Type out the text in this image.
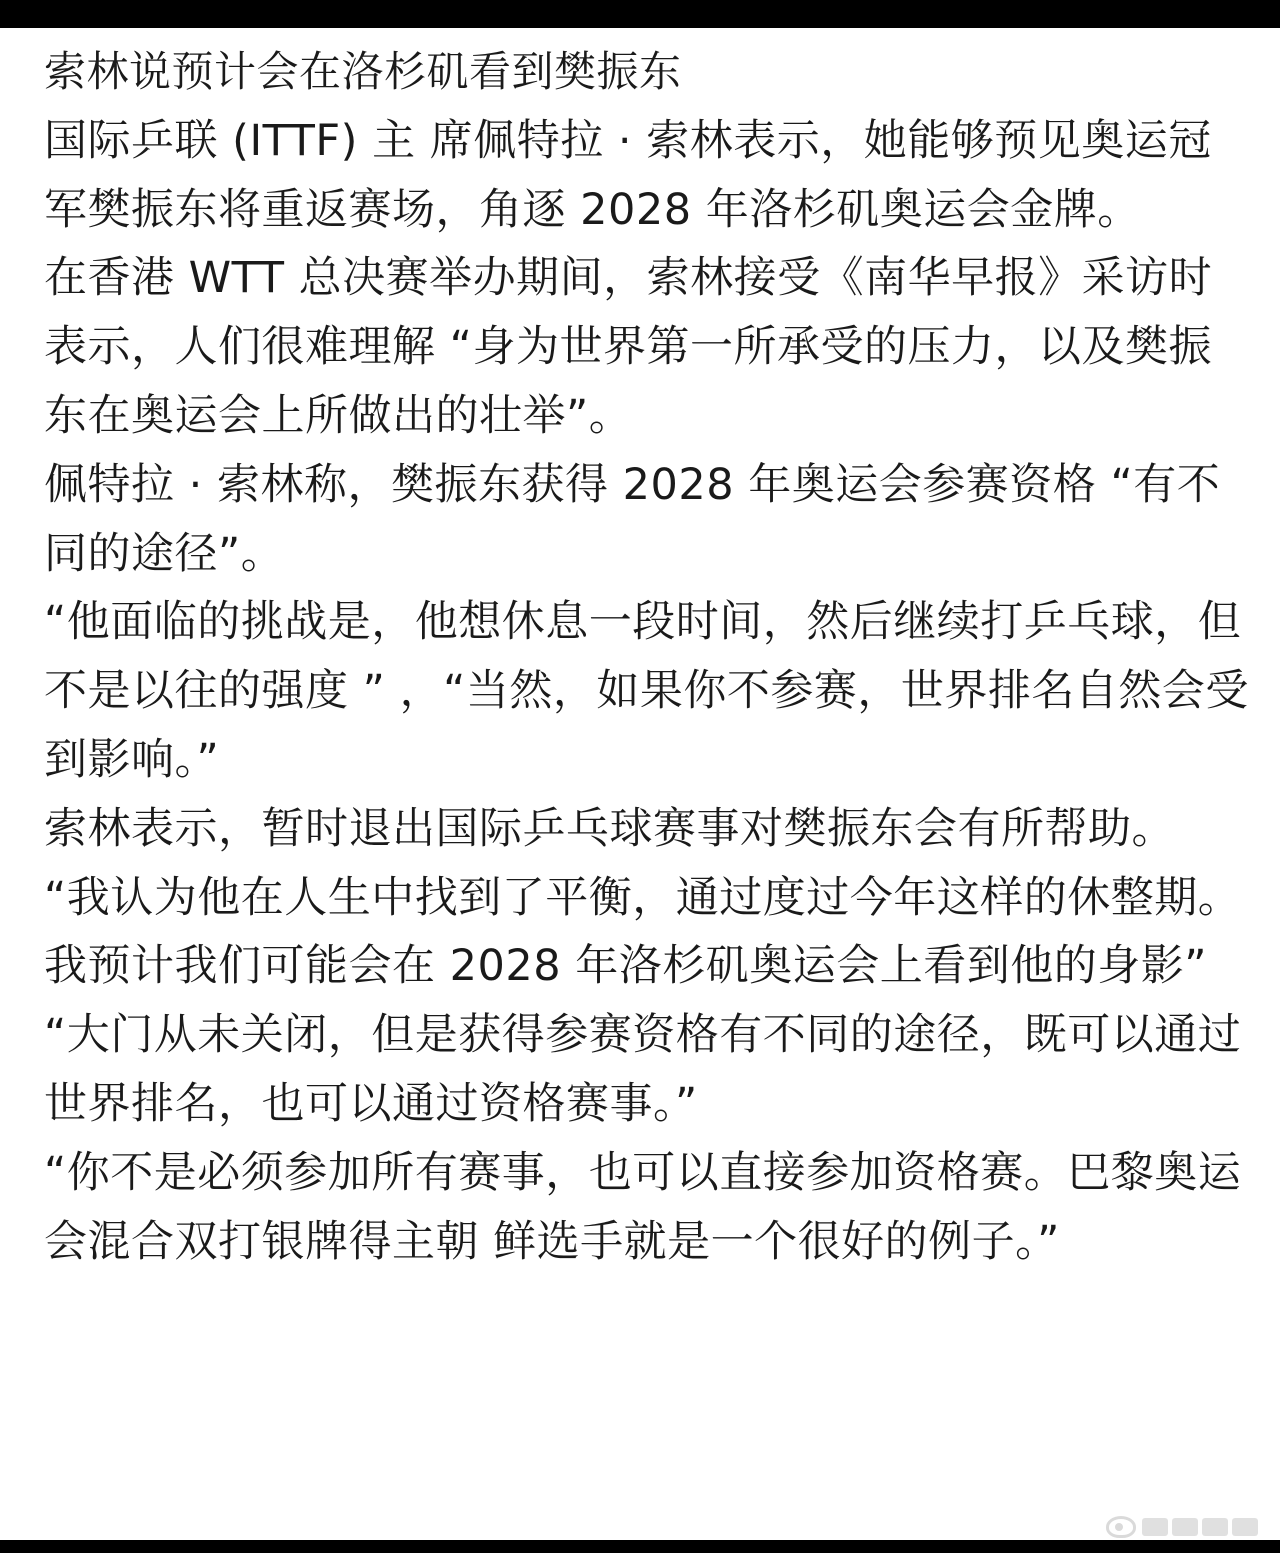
索林说预计会在洛杉矶看到樊振东

国际乒联 (ITTF) 主 席佩特拉 · 索林表示，她能够预见奥运冠军樊振东将重返赛场，角逐 2028 年洛杉矶奥运会金牌。

在香港 WTT 总决赛举办期间，索林接受《南华早报》采访时表示，人们很难理解 “身为世界第一所承受的压力，以及樊振东在奥运会上所做出的壮举”。

佩特拉 · 索林称，樊振东获得 2028 年奥运会参赛资格 “有不同的途径”。

“他面临的挑战是，他想休息一段时间，然后继续打乒乓球，但不是以往的强度 ” ，“当然，如果你不参赛，世界排名自然会受到影响。”

索林表示，暂时退出国际乒乓球赛事对樊振东会有所帮助。

“我认为他在人生中找到了平衡，通过度过今年这样的休整期。我预计我们可能会在 2028 年洛杉矶奥运会上看到他的身影”

“大门从未关闭，但是获得参赛资格有不同的途径，既可以通过世界排名，也可以通过资格赛事。”

“你不是必须参加所有赛事，也可以直接参加资格赛。巴黎奥运会混合双打银牌得主朝 鲜选手就是一个很好的例子。”
